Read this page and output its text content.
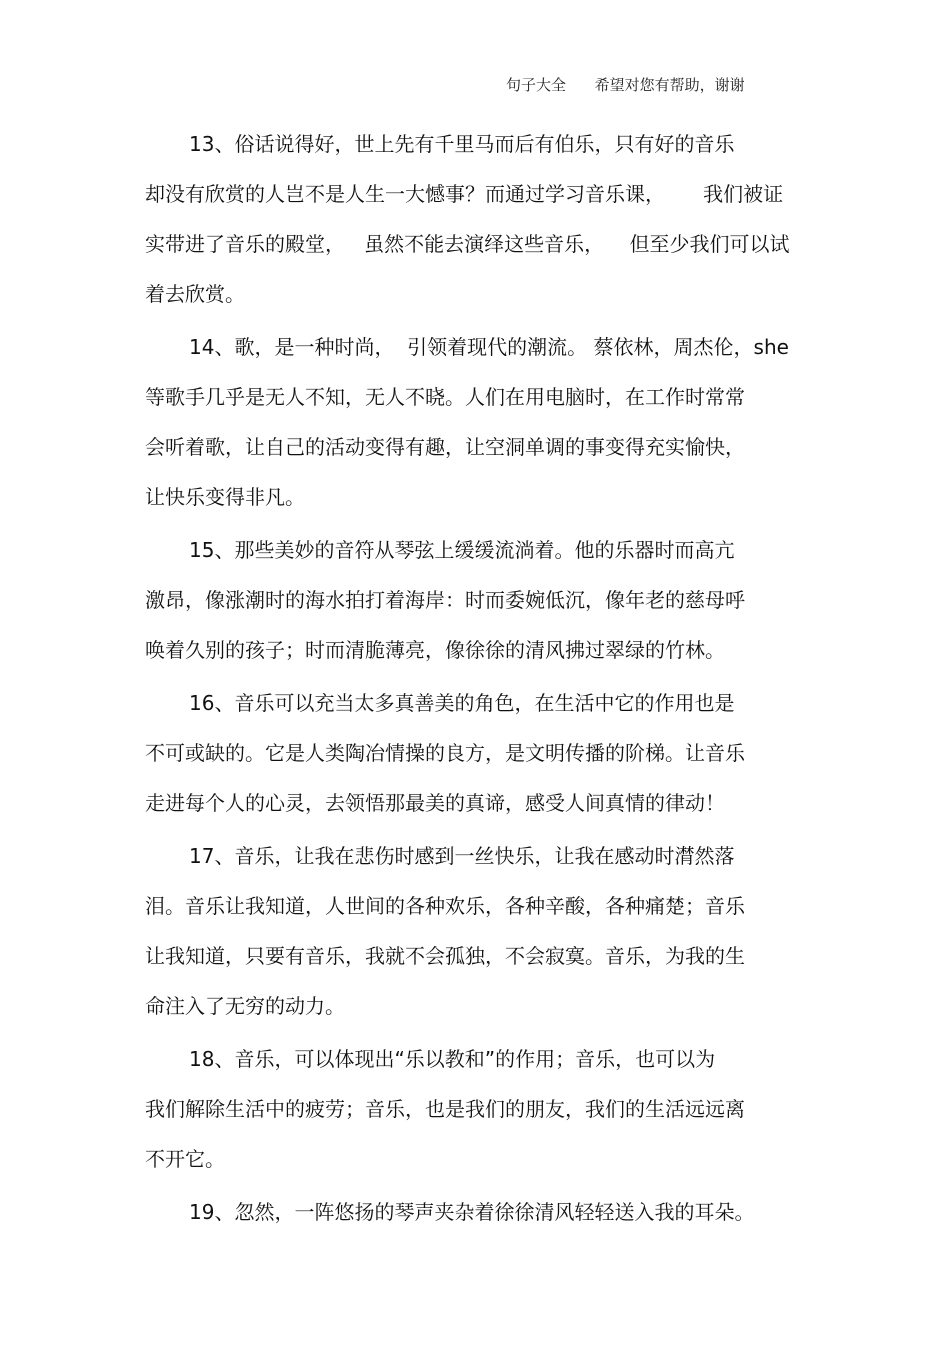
句子大全      希望对您有帮助，谢谢
13、俗话说得好，世上先有千里马而后有伯乐，只有好的音乐
却没有欣赏的人岂不是人生一大憾事？而通过学习音乐课，      我们被证
实带进了音乐的殿堂，   虽然不能去演绎这些音乐，    但至少我们可以试
着去欣赏。
14、歌，是一种时尚，  引领着现代的潮流。 蔡依林，周杰伦，she
等歌手几乎是无人不知，无人不晓。人们在用电脑时，在工作时常常
会听着歌，让自己的活动变得有趣，让空洞单调的事变得充实愉快，
让快乐变得非凡。
15、那些美妙的音符从琴弦上缓缓流淌着。他的乐器时而高亢
激昂，像涨潮时的海水拍打着海岸：时而委婉低沉，像年老的慈母呼
唤着久别的孩子；时而清脆薄亮，像徐徐的清风拂过翠绿的竹林。
16、音乐可以充当太多真善美的角色，在生活中它的作用也是
不可或缺的。它是人类陶冶情操的良方，是文明传播的阶梯。让音乐
走进每个人的心灵，去领悟那最美的真谛，感受人间真情的律动！
17、音乐，让我在悲伤时感到一丝快乐，让我在感动时潸然落
泪。音乐让我知道，人世间的各种欢乐，各种辛酸，各种痛楚；音乐
让我知道，只要有音乐，我就不会孤独，不会寂寞。音乐，为我的生
命注入了无穷的动力。
18、音乐，可以体现出“乐以教和”的作用；音乐，也可以为
我们解除生活中的疲劳；音乐，也是我们的朋友，我们的生活远远离
不开它。
19、忽然，一阵悠扬的琴声夹杂着徐徐清风轻轻送入我的耳朵。
